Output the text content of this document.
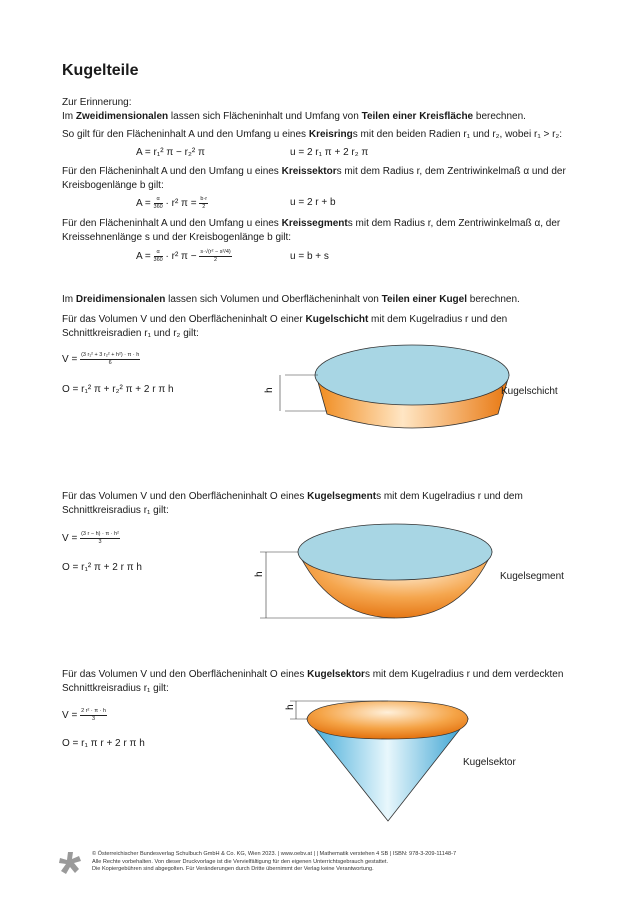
Kugelteile
Zur Erinnerung:
Im Zweidimensionalen lassen sich Flächeninhalt und Umfang von Teilen einer Kreisfläche berechnen.
So gilt für den Flächeninhalt A und den Umfang u eines Kreisrings mit den beiden Radien r₁ und r₂, wobei r₁ > r₂:
A = r₁² π − r₂² π	u = 2 r₁ π + 2 r₂ π
Für den Flächeninhalt A und den Umfang u eines Kreissektors mit dem Radius r, dem Zentriwinkelmaß α und der
Kreisbogenlänge b gilt:
$A = \frac{\alpha}{360} \cdot r^2$ $\pi = \frac{b\cdot r}{2}$	u = 2 r + b
Für den Flächeninhalt A und den Umfang u eines Kreissegments mit dem Radius r, dem Zentriwinkelmaß α, der
Kreissehnenlänge s und der Kreisbogenlänge b gilt:
$A = \frac{\alpha}{360} \cdot r^2$ $\pi - \frac{\text{s·√(r² − s²/4)}}{2}$	u = b + s
Im Dreidimensionalen lassen sich Volumen und Oberflächeninhalt von Teilen einer Kugel berechnen.
Für das Volumen V und den Oberflächeninhalt O einer Kugelschicht mit dem Kugelradius r und den
Schnittkreisradien r₁ und r₂ gilt:
$V = \frac{\text{(3 r₁² + 3 r₂² + h²) · π · h}}{6}$
O = r₁² π + r₂² π + 2 r π h	h	Kugelschicht
Für das Volumen V und den Oberflächeninhalt O eines Kugelsegments mit dem Kugelradius r und dem
Schnittkreisradius r₁ gilt:
$V = \frac{\text{(3 r − h) · π · h²}}{3}$
O = r₁² π + 2 r π h
h	Kugelsegment
Für das Volumen V und den Oberflächeninhalt O eines Kugelsektors mit dem Kugelradius r und dem verdeckten
Schnittkreisradius r₁ gilt:
$V = \frac{\text{2 r² · π · h}}{3}$
O = r₁ π r + 2 r π h
h
Kugelsektor
© Österreichischer Bundesverlag Schulbuch GmbH & Co. KG, Wien 2023. | www.oebv.at | | Mathematik verstehen 4 SB | ISBN: 978-3-209-11148-7
Alle Rechte vorbehalten. Von dieser Druckvorlage ist die Vervielfältigung für den eigenen Unterrichtsgebrauch gestattet.
Die Kopiergebühren sind abgegolten. Für Veränderungen durch Dritte übernimmt der Verlag keine Verantwortung.
